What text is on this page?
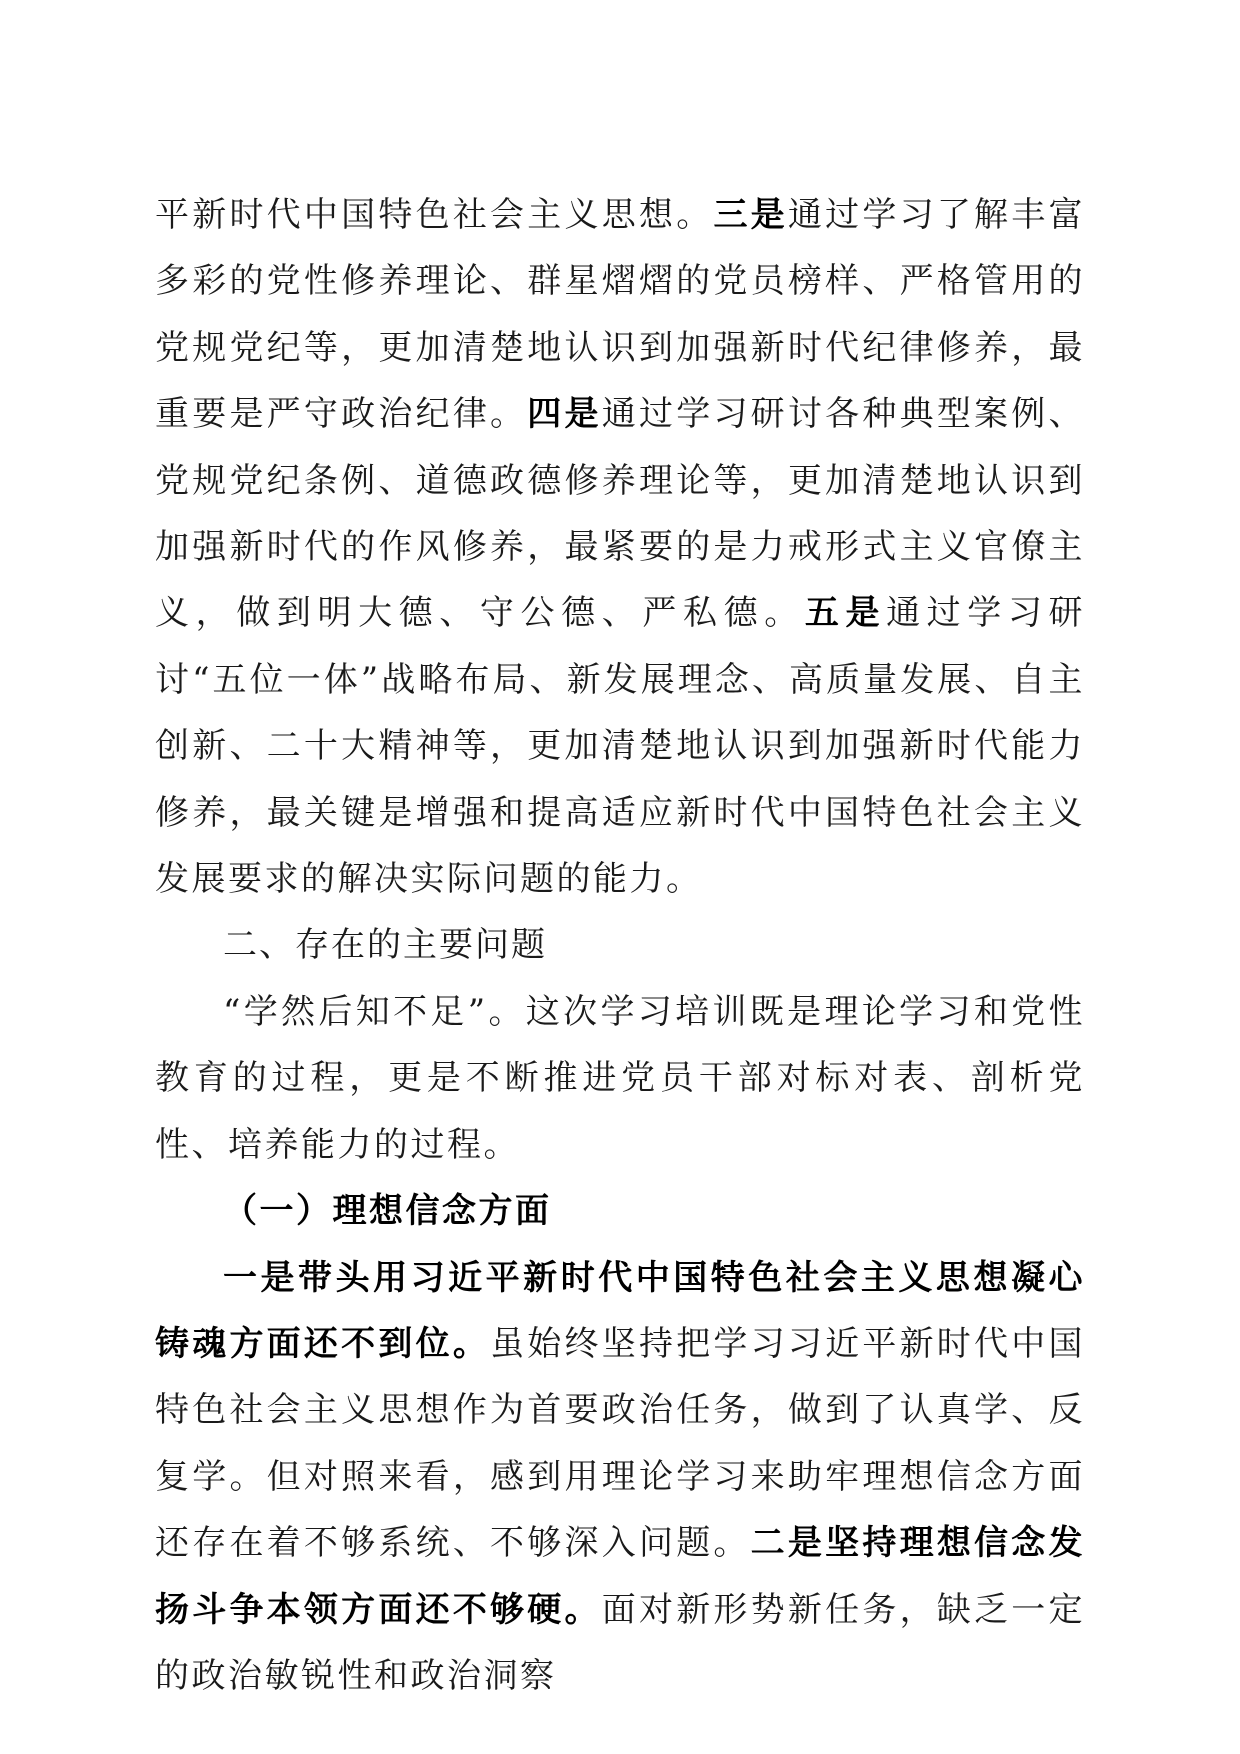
平新时代中国特色社会主义思想。三是通过学习了解丰富多彩的党性修养理论、群星熠熠的党员榜样、严格管用的党规党纪等，更加清楚地认识到加强新时代纪律修养，最重要是严守政治纪律。四是通过学习研讨各种典型案例、党规党纪条例、道德政德修养理论等，更加清楚地认识到加强新时代的作风修养，最紧要的是力戒形式主义官僚主义，做到明大德、守公德、严私德。五是通过学习研讨“五位一体”战略布局、新发展理念、高质量发展、自主创新、二十大精神等，更加清楚地认识到加强新时代能力修养，最关键是增强和提高适应新时代中国特色社会主义发展要求的解决实际问题的能力。

二、存在的主要问题

“学然后知不足”。这次学习培训既是理论学习和党性教育的过程，更是不断推进党员干部对标对表、剖析党性、培养能力的过程。

（一）理想信念方面

一是带头用习近平新时代中国特色社会主义思想凝心铸魂方面还不到位。虽始终坚持把学习习近平新时代中国特色社会主义思想作为首要政治任务，做到了认真学、反复学。但对照来看，感到用理论学习来助牢理想信念方面还存在着不够系统、不够深入问题。二是坚持理想信念发扬斗争本领方面还不够硬。面对新形势新任务，缺乏一定的政治敏锐性和政治洞察
